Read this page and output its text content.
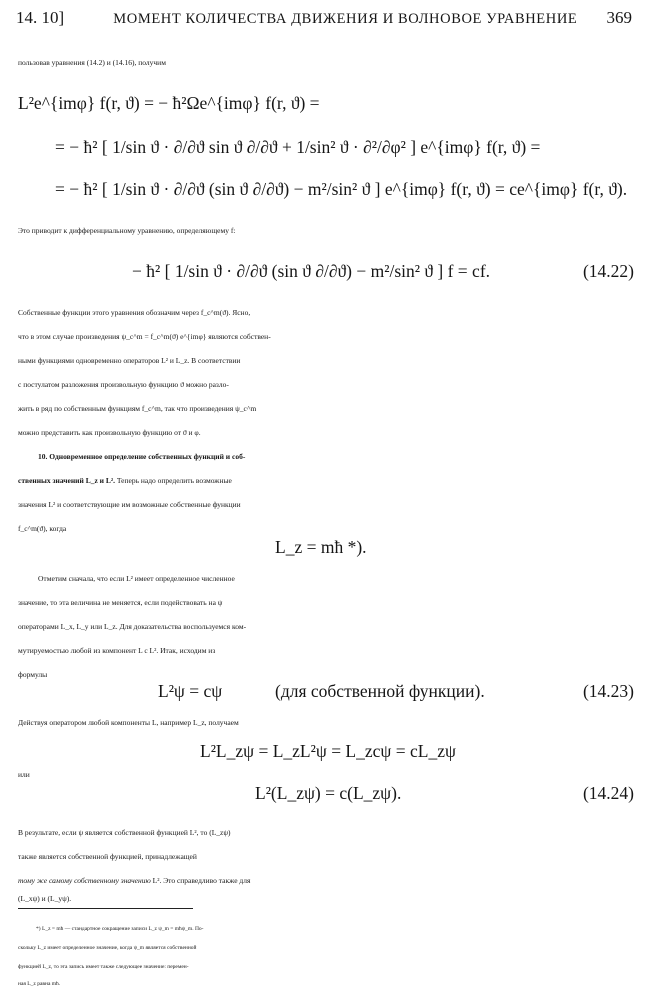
14. 10]	МОМЕНТ КОЛИЧЕСТВА ДВИЖЕНИЯ И ВОЛНОВОЕ УРАВНЕНИЕ	369
пользовав уравнения (14.2) и (14.16), получим
L²e^{imφ} f(r, ϑ) = − ħ²Ωe^{imφ} f(r, ϑ) =
= − ħ² [ 1/sin ϑ · ∂/∂ϑ sin ϑ ∂/∂ϑ + 1/sin² ϑ · ∂²/∂φ² ] e^{imφ} f(r, ϑ) =
= − ħ² [ 1/sin ϑ · ∂/∂ϑ (sin ϑ ∂/∂ϑ) − m²/sin² ϑ ] e^{imφ} f(r, ϑ) = ce^{imφ} f(r, ϑ).
Это приводит к дифференциальному уравнению, определяющему f:
− ħ² [ 1/sin ϑ · ∂/∂ϑ (sin ϑ ∂/∂ϑ) − m²/sin² ϑ ] f = cf.	(14.22)
Собственные функции этого уравнения обозначим через f_c^m(ϑ). Ясно,
что в этом случае произведения ψ_c^m = f_c^m(ϑ) e^{imφ} являются собствен-
ными функциями одновременно операторов L² и L_z. В соответствии
с постулатом разложения произвольную функцию ϑ можно разло-
жить в ряд по собственным функциям f_c^m, так что произведения ψ_c^m
можно представить как произвольную функцию от ϑ и φ.
10. Одновременное определение собственных функций и соб-
ственных значений L_z и L². Теперь надо определить возможные
значения L² и соответствующие им возможные собственные функции
f_c^m(ϑ), когда
L_z = mħ *).
Отметим сначала, что если L² имеет определенное численное
значение, то эта величина не меняется, если подействовать на ψ
операторами L_x, L_y или L_z. Для доказательства воспользуемся ком-
мутируемостью любой из компонент L с L². Итак, исходим из
формулы
L²ψ = cψ	(для собственной функции).	(14.23)
Действуя оператором любой компоненты L, например L_z, получаем
L²L_zψ = L_zL²ψ = L_zcψ = cL_zψ
или
L²(L_zψ) = c(L_zψ).	(14.24)
В результате, если ψ является собственной функцией L², то (L_zψ)
также является собственной функцией, принадлежащей
тому же самому собственному значению L². Это справедливо также для
(L_xψ) и (L_yψ).
*) L_z = mħ — стандартное сокращение записи L_z ψ_m = mħψ_m. По-
скольку L_z имеет определенное значение, когда ψ_m является собственной
функцией L_z, то эта запись имеет также следующее значение: перемен-
ная L_z равна mħ.
